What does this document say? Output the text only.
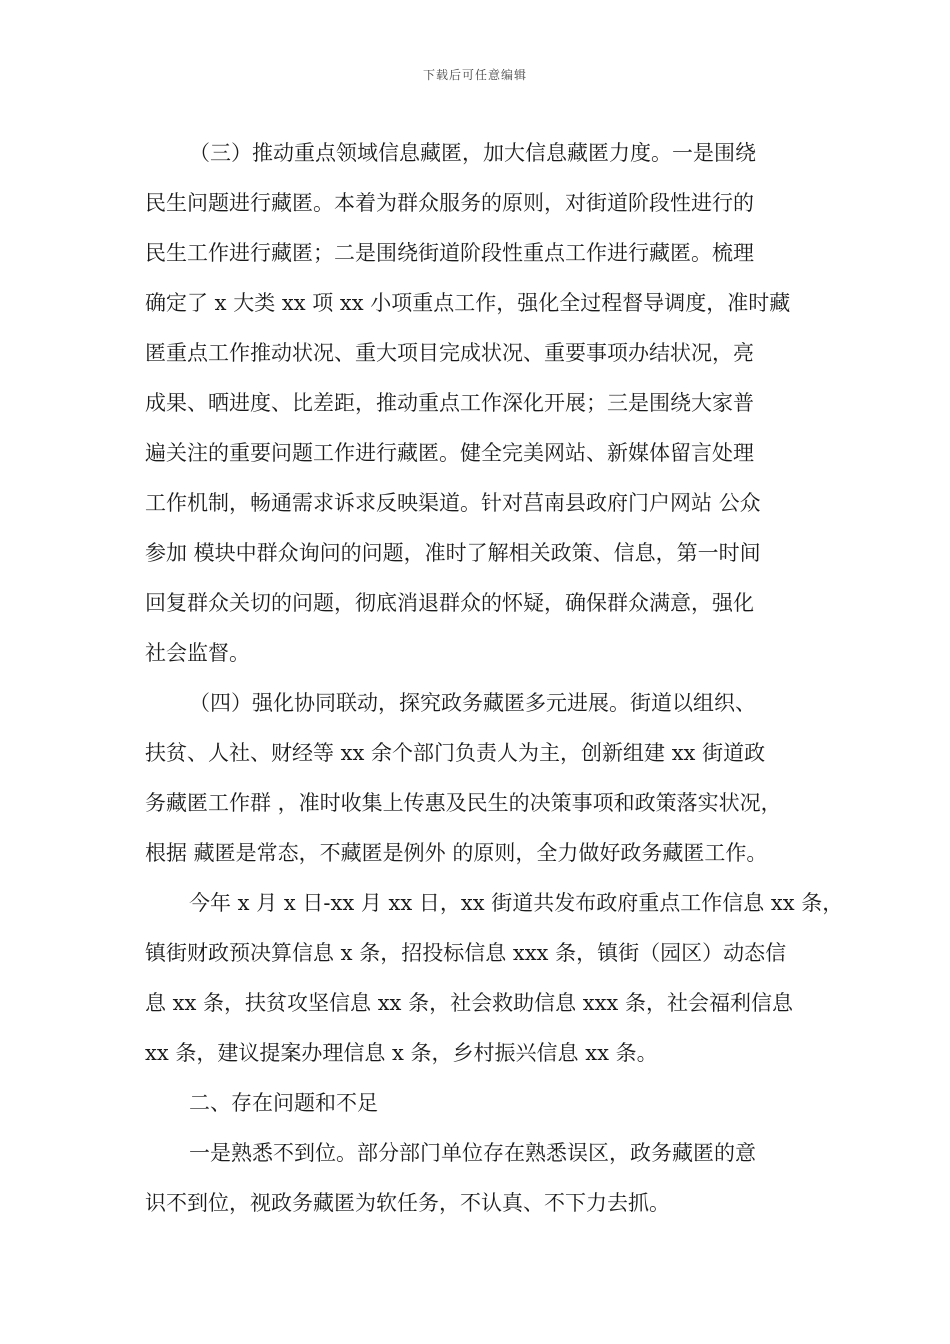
下载后可任意编辑
（三）推动重点领域信息藏匿，加大信息藏匿力度。一是围绕
民生问题进行藏匿。本着为群众服务的原则，对街道阶段性进行的
民生工作进行藏匿；二是围绕街道阶段性重点工作进行藏匿。梳理
确定了 x 大类 xx 项 xx 小项重点工作，强化全过程督导调度，准时藏
匿重点工作推动状况、重大项目完成状况、重要事项办结状况，亮
成果、晒进度、比差距，推动重点工作深化开展；三是围绕大家普
遍关注的重要问题工作进行藏匿。健全完美网站、新媒体留言处理
工作机制，畅通需求诉求反映渠道。针对莒南县政府门户网站 公众
参加 模块中群众询问的问题，准时了解相关政策、信息，第一时间
回复群众关切的问题，彻底消退群众的怀疑，确保群众满意，强化
社会监督。
（四）强化协同联动，探究政务藏匿多元进展。街道以组织、
扶贫、人社、财经等 xx 余个部门负责人为主，创新组建 xx 街道政
务藏匿工作群 ，准时收集上传惠及民生的决策事项和政策落实状况，
根据 藏匿是常态，不藏匿是例外 的原则，全力做好政务藏匿工作。
今年 x 月 x 日-xx 月 xx 日，xx 街道共发布政府重点工作信息 xx 条，
镇街财政预决算信息 x 条，招投标信息 xxx 条，镇街（园区）动态信
息 xx 条，扶贫攻坚信息 xx 条，社会救助信息 xxx 条，社会福利信息
xx 条，建议提案办理信息 x 条，乡村振兴信息 xx 条。
二、存在问题和不足
一是熟悉不到位。部分部门单位存在熟悉误区，政务藏匿的意
识不到位，视政务藏匿为软任务，不认真、不下力去抓。
